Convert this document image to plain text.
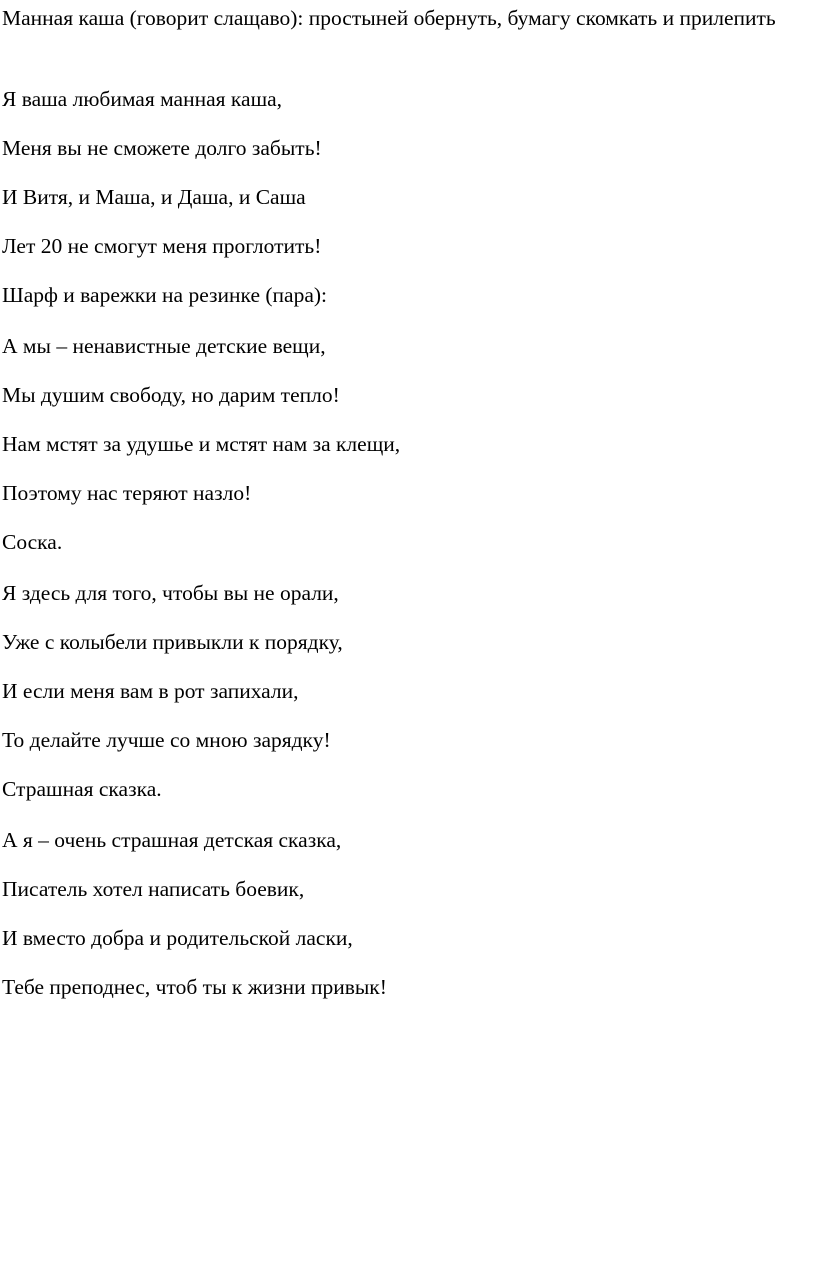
Манная каша (говорит слащаво): простыней обернуть, бумагу скомкать и прилепить

Я ваша любимая манная каша,

Меня вы не сможете долго забыть!

И Витя, и Маша, и Даша, и Саша

Лет 20 не смогут меня проглотить!

Шарф и варежки на резинке (пара):

А мы – ненавистные детские вещи,

Мы душим свободу, но дарим тепло!

Нам мстят за удушье и мстят нам за клещи,

Поэтому нас теряют назло!

Соска.

Я здесь для того, чтобы вы не орали,

Уже с колыбели привыкли к порядку,

И если меня вам в рот запихали,

То делайте лучше со мною зарядку!

Страшная сказка.

А я – очень страшная детская сказка,

Писатель хотел написать боевик,

И вместо добра и родительской ласки,

Тебе преподнес, чтоб ты к жизни привык!
